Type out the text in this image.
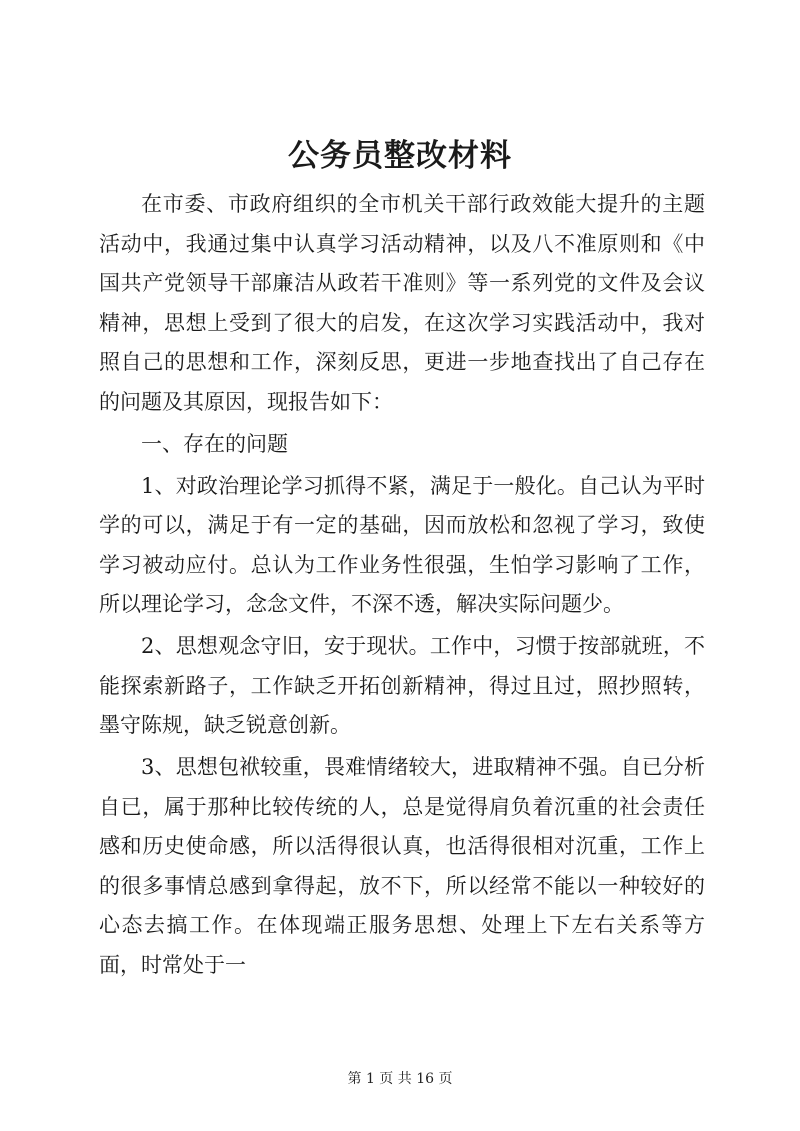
公务员整改材料

在市委、市政府组织的全市机关干部行政效能大提升的主题活动中，我通过集中认真学习活动精神，以及八不准原则和《中国共产党领导干部廉洁从政若干准则》等一系列党的文件及会议精神，思想上受到了很大的启发，在这次学习实践活动中，我对照自己的思想和工作，深刻反思，更进一步地查找出了自己存在的问题及其原因，现报告如下：

一、存在的问题

1、对政治理论学习抓得不紧，满足于一般化。自己认为平时学的可以，满足于有一定的基础，因而放松和忽视了学习，致使学习被动应付。总认为工作业务性很强，生怕学习影响了工作，所以理论学习，念念文件，不深不透，解决实际问题少。

2、思想观念守旧，安于现状。工作中，习惯于按部就班，不能探索新路子，工作缺乏开拓创新精神，得过且过，照抄照转，墨守陈规，缺乏锐意创新。

3、思想包袱较重，畏难情绪较大，进取精神不强。自已分析自已，属于那种比较传统的人，总是觉得肩负着沉重的社会责任感和历史使命感，所以活得很认真，也活得很相对沉重，工作上的很多事情总感到拿得起，放不下，所以经常不能以一种较好的心态去搞工作。在体现端正服务思想、处理上下左右关系等方面，时常处于一

第 1 页 共 16 页
